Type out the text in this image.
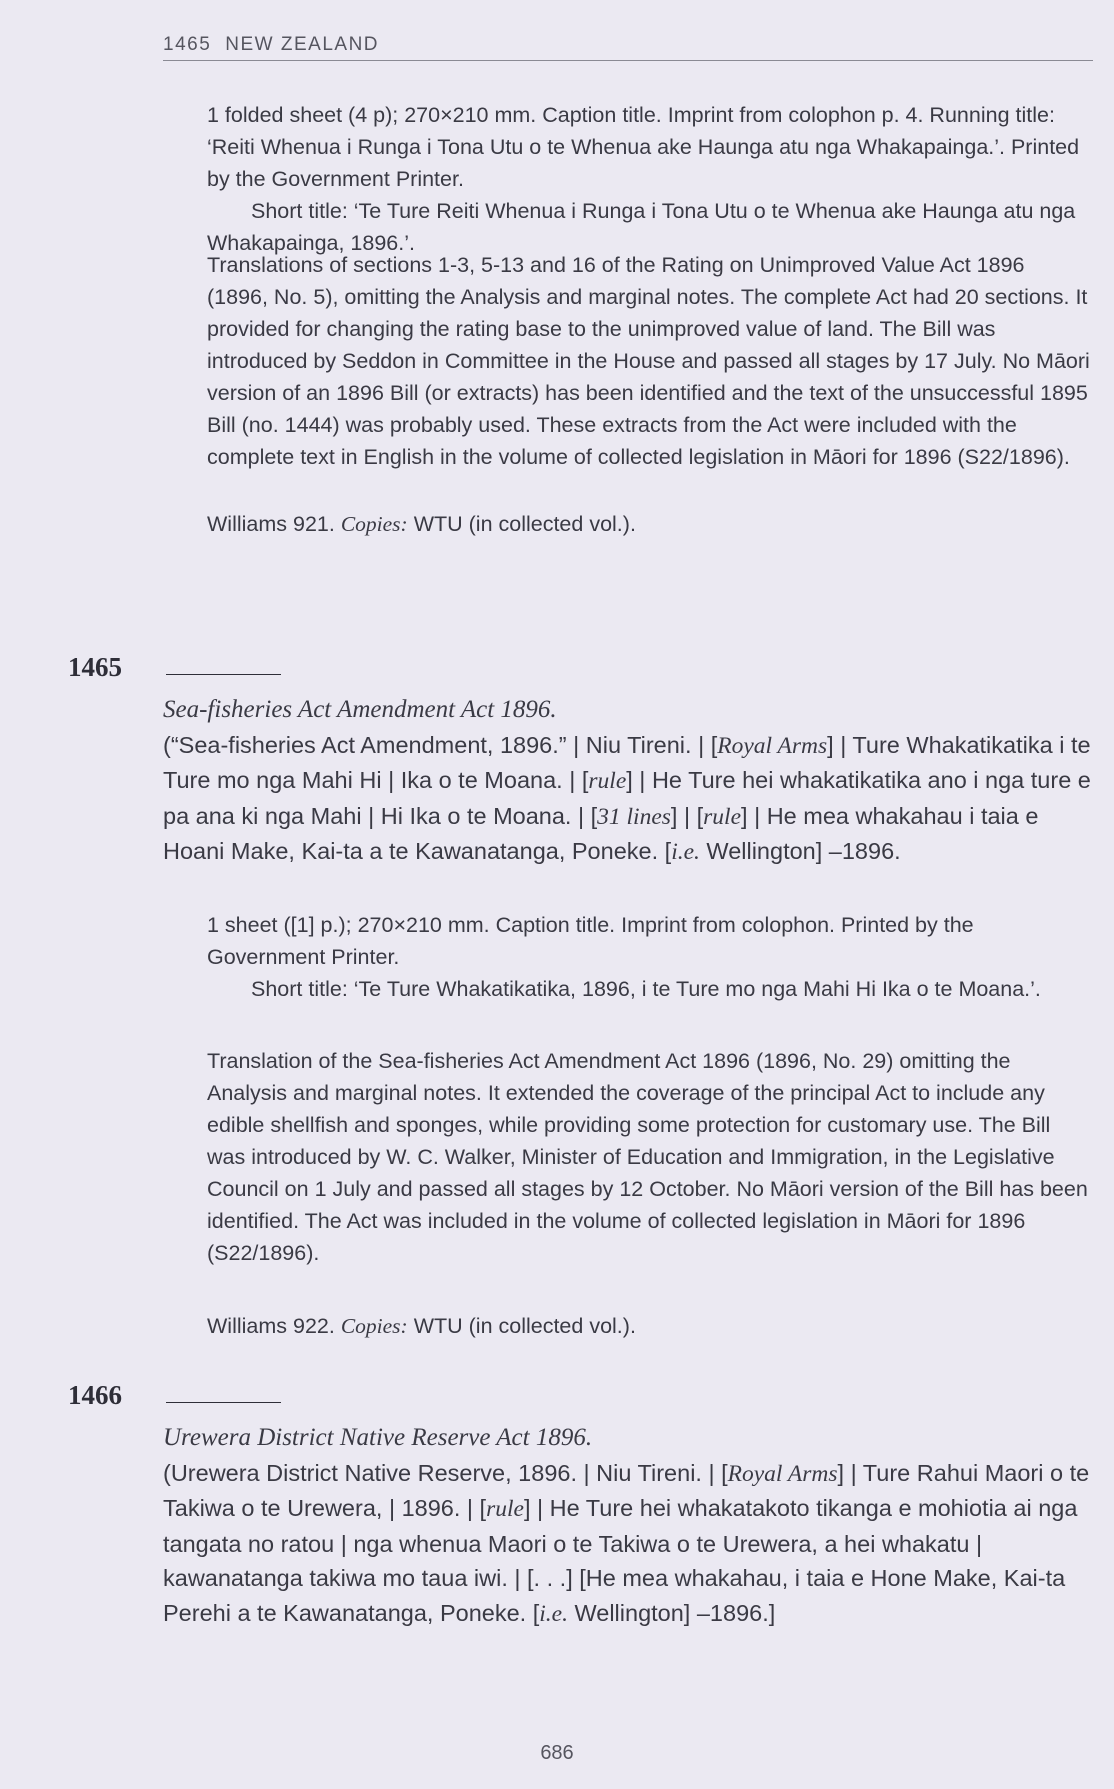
1465 NEW ZEALAND

1 folded sheet (4 p); 270×210 mm. Caption title. Imprint from colophon p. 4. Running title: ‘Reiti Whenua i Runga i Tona Utu o te Whenua ake Haunga atu nga Whakapainga.’. Printed by the Government Printer.

Short title: ‘Te Ture Reiti Whenua i Runga i Tona Utu o te Whenua ake Haunga atu nga Whakapainga, 1896.’.

Translations of sections 1-3, 5-13 and 16 of the Rating on Unimproved Value Act 1896 (1896, No. 5), omitting the Analysis and marginal notes. The complete Act had 20 sections. It provided for changing the rating base to the unimproved value of land. The Bill was introduced by Seddon in Committee in the House and passed all stages by 17 July. No Māori version of an 1896 Bill (or extracts) has been identified and the text of the unsuccessful 1895 Bill (no. 1444) was probably used. These extracts from the Act were included with the complete text in English in the volume of collected legislation in Māori for 1896 (S22/1896).

Williams 921. Copies: WTU (in collected vol.).
1465

Sea-fisheries Act Amendment Act 1896.

(“Sea-fisheries Act Amendment, 1896.” | Niu Tireni. | [Royal Arms] | Ture Whakatikatika i te Ture mo nga Mahi Hi | Ika o te Moana. | [rule] | He Ture hei whakatikatika ano i nga ture e pa ana ki nga Mahi | Hi Ika o te Moana. | [31 lines] | [rule] | He mea whakahau i taia e Hoani Make, Kai-ta a te Kawanatanga, Poneke. [i.e. Wellington] –1896.

1 sheet ([1] p.); 270×210 mm. Caption title. Imprint from colophon. Printed by the Government Printer.

Short title: ‘Te Ture Whakatikatika, 1896, i te Ture mo nga Mahi Hi Ika o te Moana.’.

Translation of the Sea-fisheries Act Amendment Act 1896 (1896, No. 29) omitting the Analysis and marginal notes. It extended the coverage of the principal Act to include any edible shellfish and sponges, while providing some protection for customary use. The Bill was introduced by W. C. Walker, Minister of Education and Immigration, in the Legislative Council on 1 July and passed all stages by 12 October. No Māori version of the Bill has been identified. The Act was included in the volume of collected legislation in Māori for 1896 (S22/1896).

Williams 922. Copies: WTU (in collected vol.).
1466

Urewera District Native Reserve Act 1896.

(Urewera District Native Reserve, 1896. | Niu Tireni. | [Royal Arms] | Ture Rahui Maori o te Takiwa o te Urewera, | 1896. | [rule] | He Ture hei whakatakoto tikanga e mohiotia ai nga tangata no ratou | nga whenua Maori o te Takiwa o te Urewera, a hei whakatu | kawanatanga takiwa mo taua iwi. | [. . .] [He mea whakahau, i taia e Hone Make, Kai-ta Perehi a te Kawanatanga, Poneke. [i.e. Wellington] –1896.]

686
